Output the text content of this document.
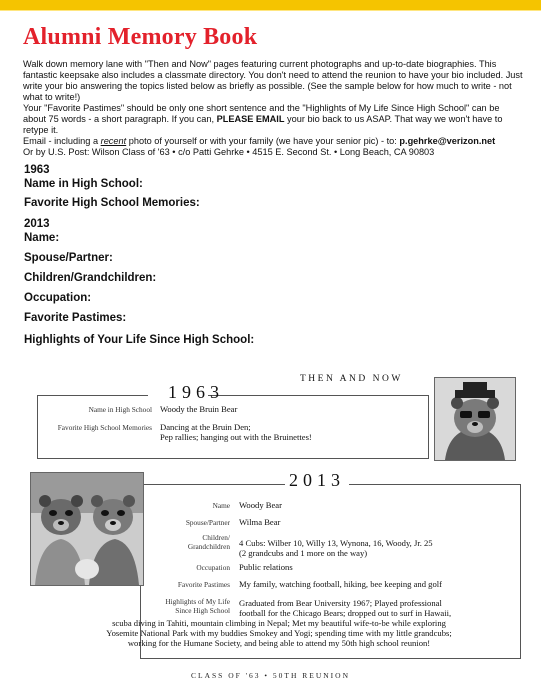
Alumni Memory Book

Walk down memory lane with "Then and Now" pages featuring current photographs and up-to-date biographies. This fantastic keepsake also includes a classmate directory. You don't need to attend the reunion to have your bio included. Just write your bio answering the topics listed below as briefly as possible. (See the sample below for how much to write - not what to write!)

Your "Favorite Pastimes" should be only one short sentence and the "Highlights of My Life Since High School" can be about 75 words - a short paragraph. If you can, PLEASE EMAIL your bio back to us ASAP. That way we won't have to retype it.

Email - including a recent photo of yourself or with your family (we have your senior pic) - to: p.gehrke@verizon.net

Or by U.S. Post: Wilson Class of '63 • c/o Patti Gehrke • 4515 E. Second St. • Long Beach, CA 90803

1963
Name in High School:
Favorite High School Memories:
2013
Name:
Spouse/Partner:
Children/Grandchildren:
Occupation:
Favorite Pastimes:
Highlights of Your Life Since High School:
THEN AND NOW
1963
Name in High School Woody the Bruin Bear
Favorite High School Memories Dancing at the Bruin Den;
Pep rallies; hanging out with the Bruinettes!
2013
Name Woody Bear
Spouse/Partner Wilma Bear
Children/
Grandchildren 4 Cubs: Wilber 10, Willy 13, Wynona, 16, Woody, Jr. 25
(2 grandcubs and 1 more on the way)
Occupation Public relations
Favorite Pastimes My family, watching football, hiking, bee keeping and golf
Highlights of My Life
Since High School
Graduated from Bear University 1967; Played professional
football for the Chicago Bears; dropped out to surf in Hawaii,
scuba diving in Tahiti, mountain climbing in Nepal; Met my beautiful wife-to-be while exploring
Yosemite National Park with my buddies Smokey and Yogi; spending time with my little grandcubs;
working for the Humane Society, and being able to attend my 50th high school reunion!
CLASS OF '63 • 50TH REUNION
